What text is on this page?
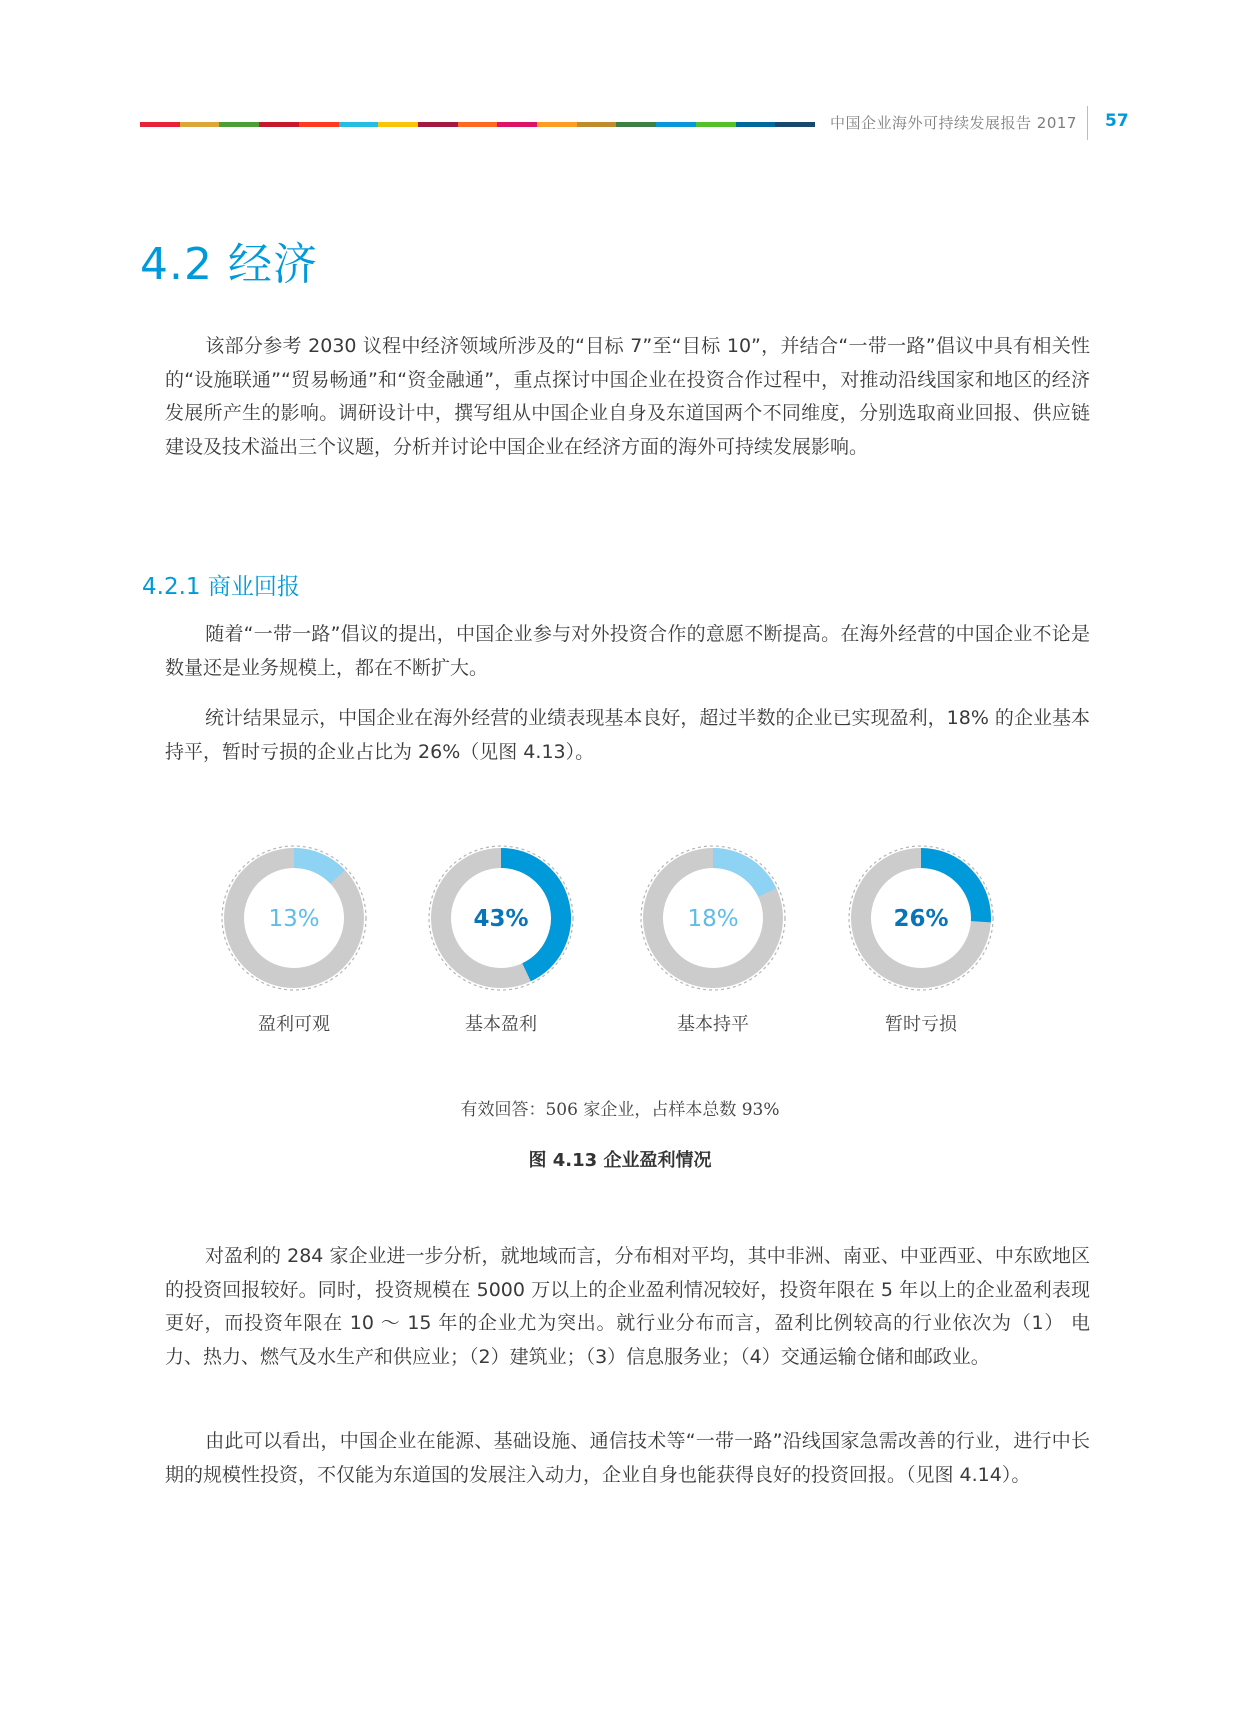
中国企业海外可持续发展报告 2017 57
4.2 经济

该部分参考 2030 议程中经济领域所涉及的“目标 7”至“目标 10”，并结合“一带一路”倡议中具有相关性的“设施联通”“贸易畅通”和“资金融通”，重点探讨中国企业在投资合作过程中，对推动沿线国家和地区的经济发展所产生的影响。调研设计中，撰写组从中国企业自身及东道国两个不同维度，分别选取商业回报、供应链建设及技术溢出三个议题，分析并讨论中国企业在经济方面的海外可持续发展影响。

4.2.1 商业回报

随着“一带一路”倡议的提出，中国企业参与对外投资合作的意愿不断提高。在海外经营的中国企业不论是数量还是业务规模上，都在不断扩大。

统计结果显示，中国企业在海外经营的业绩表现基本良好，超过半数的企业已实现盈利，18% 的企业基本持平，暂时亏损的企业占比为 26%（见图 4.13）。

13%	43%	18%	26%
盈利可观	基本盈利	基本持平	暂时亏损
有效回答：506 家企业，占样本总数 93%
图 4.13 企业盈利情况

对盈利的 284 家企业进一步分析，就地域而言，分布相对平均，其中非洲、南亚、中亚西亚、中东欧地区的投资回报较好。同时，投资规模在 5000 万以上的企业盈利情况较好，投资年限在 5 年以上的企业盈利表现更好，而投资年限在 10 ～ 15 年的企业尤为突出。就行业分布而言，盈利比例较高的行业依次为（1） 电力、热力、燃气及水生产和供应业；（2）建筑业；（3）信息服务业；（4）交通运输仓储和邮政业。

由此可以看出，中国企业在能源、基础设施、通信技术等“一带一路”沿线国家急需改善的行业，进行中长期的规模性投资，不仅能为东道国的发展注入动力，企业自身也能获得良好的投资回报。（见图 4.14）。
